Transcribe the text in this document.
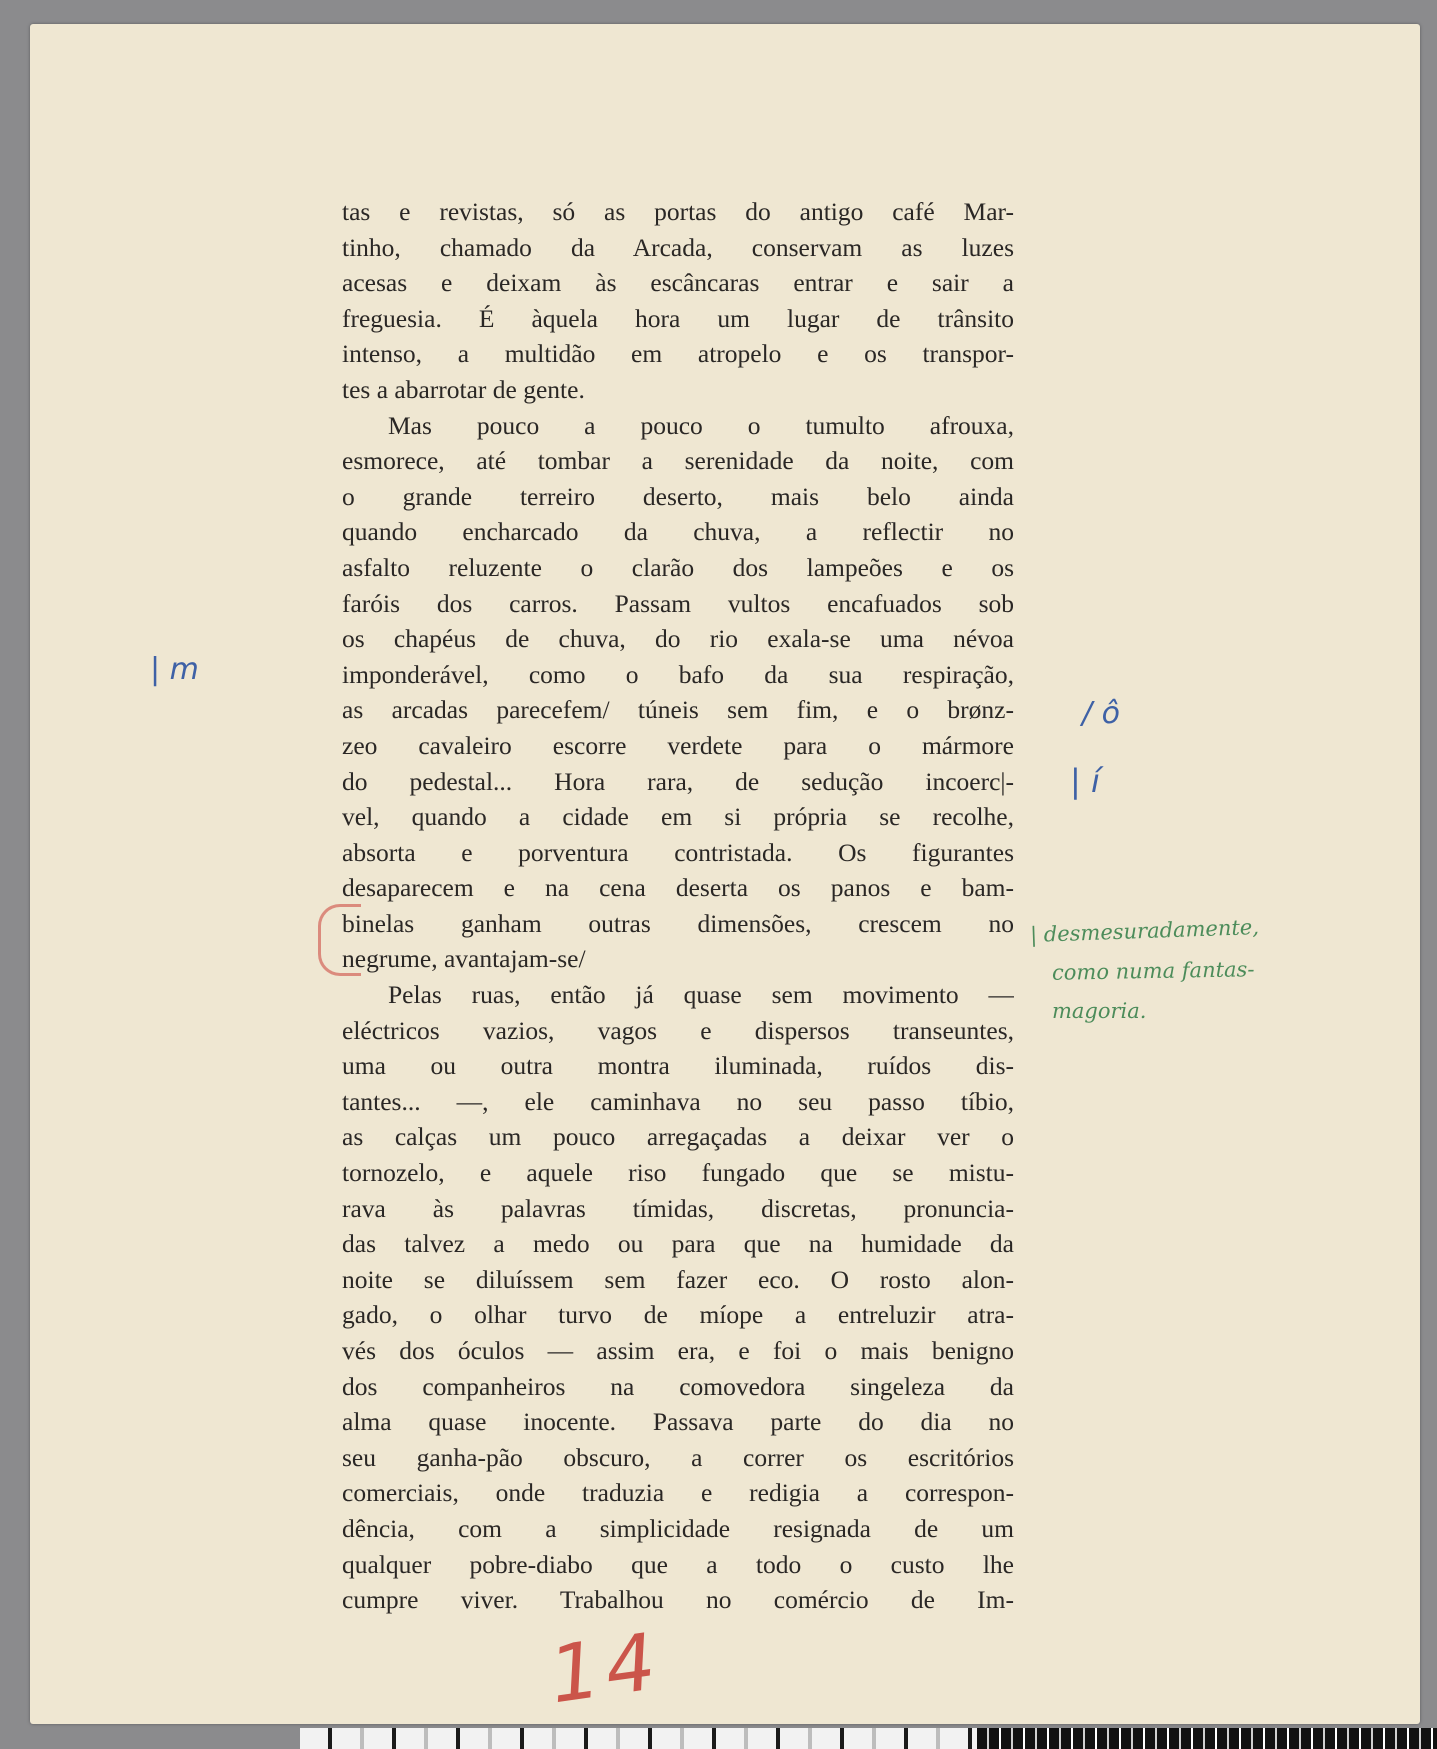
tas e revistas, só as portas do antigo café Mar-
tinho, chamado da Arcada, conservam as luzes
acesas e deixam às escâncaras entrar e sair a
freguesia. É àquela hora um lugar de trânsito
intenso, a multidão em atropelo e os transpor-
tes a abarrotar de gente.
Mas pouco a pouco o tumulto afrouxa,
esmorece, até tombar a serenidade da noite, com
o grande terreiro deserto, mais belo ainda
quando encharcado da chuva, a reflectir no
asfalto reluzente o clarão dos lampeões e os
faróis dos carros. Passam vultos encafuados sob
os chapéus de chuva, do rio exala-se uma névoa
imponderável, como o bafo da sua respiração,
as arcadas parecefem/ túneis sem fim, e o brønz-
zeo cavaleiro escorre verdete para o mármore
do pedestal... Hora rara, de sedução incoerc|-
vel, quando a cidade em si própria se recolhe,
absorta e porventura contristada. Os figurantes
desaparecem e na cena deserta os panos e bam-
binelas ganham outras dimensões, crescem no
negrume, avantajam-se/
Pelas ruas, então já quase sem movimento —
eléctricos vazios, vagos e dispersos transeuntes,
uma ou outra montra iluminada, ruídos dis-
tantes... —, ele caminhava no seu passo tíbio,
as calças um pouco arregaçadas a deixar ver o
tornozelo, e aquele riso fungado que se mistu-
rava às palavras tímidas, discretas, pronuncia-
das talvez a medo ou para que na humidade da
noite se diluíssem sem fazer eco. O rosto alon-
gado, o olhar turvo de míope a entreluzir atra-
vés dos óculos — assim era, e foi o mais benigno
dos companheiros na comovedora singeleza da
alma quase inocente. Passava parte do dia no
seu ganha-pão obscuro, a correr os escritórios
comerciais, onde traduzia e redigia a correspon-
dência, com a simplicidade resignada de um
qualquer pobre-diabo que a todo o custo lhe
cumpre viver. Trabalhou no comércio de Im-
| m
/ ô
| í
| desmesuradamente,
como numa fantas-
magoria.
14
